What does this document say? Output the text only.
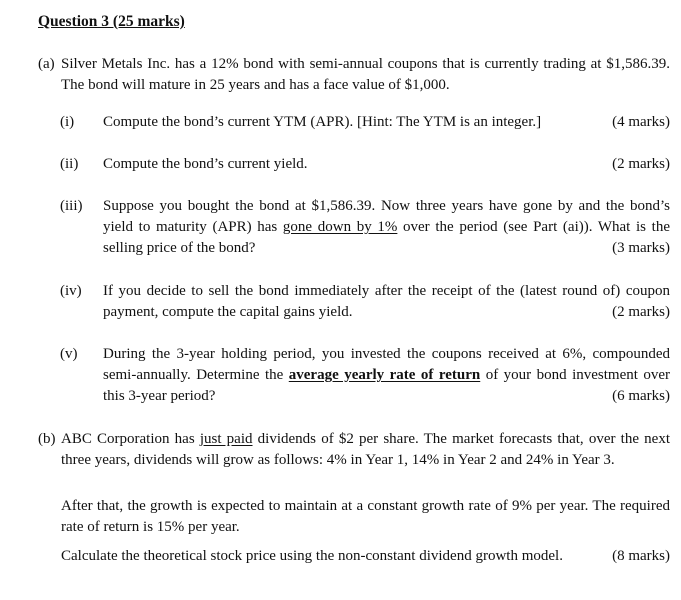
Question 3 (25 marks)
(a) Silver Metals Inc. has a 12% bond with semi-annual coupons that is currently trading at $1,586.39. The bond will mature in 25 years and has a face value of $1,000.
(i) Compute the bond’s current YTM (APR). [Hint: The YTM is an integer.]	(4 marks)
(ii) Compute the bond’s current yield.	(2 marks)
(iii) Suppose you bought the bond at $1,586.39. Now three years have gone by and the bond’s yield to maturity (APR) has gone down by 1% over the period (see Part (ai)). What is the selling price of the bond?	(3 marks)
(iv) If you decide to sell the bond immediately after the receipt of the (latest round of) coupon payment, compute the capital gains yield.	(2 marks)
(v) During the 3-year holding period, you invested the coupons received at 6%, compounded semi-annually. Determine the average yearly rate of return of your bond investment over this 3-year period?	(6 marks)
(b) ABC Corporation has just paid dividends of $2 per share. The market forecasts that, over the next three years, dividends will grow as follows: 4% in Year 1, 14% in Year 2 and 24% in Year 3.
After that, the growth is expected to maintain at a constant growth rate of 9% per year. The required rate of return is 15% per year.
Calculate the theoretical stock price using the non-constant dividend growth model.	(8 marks)
